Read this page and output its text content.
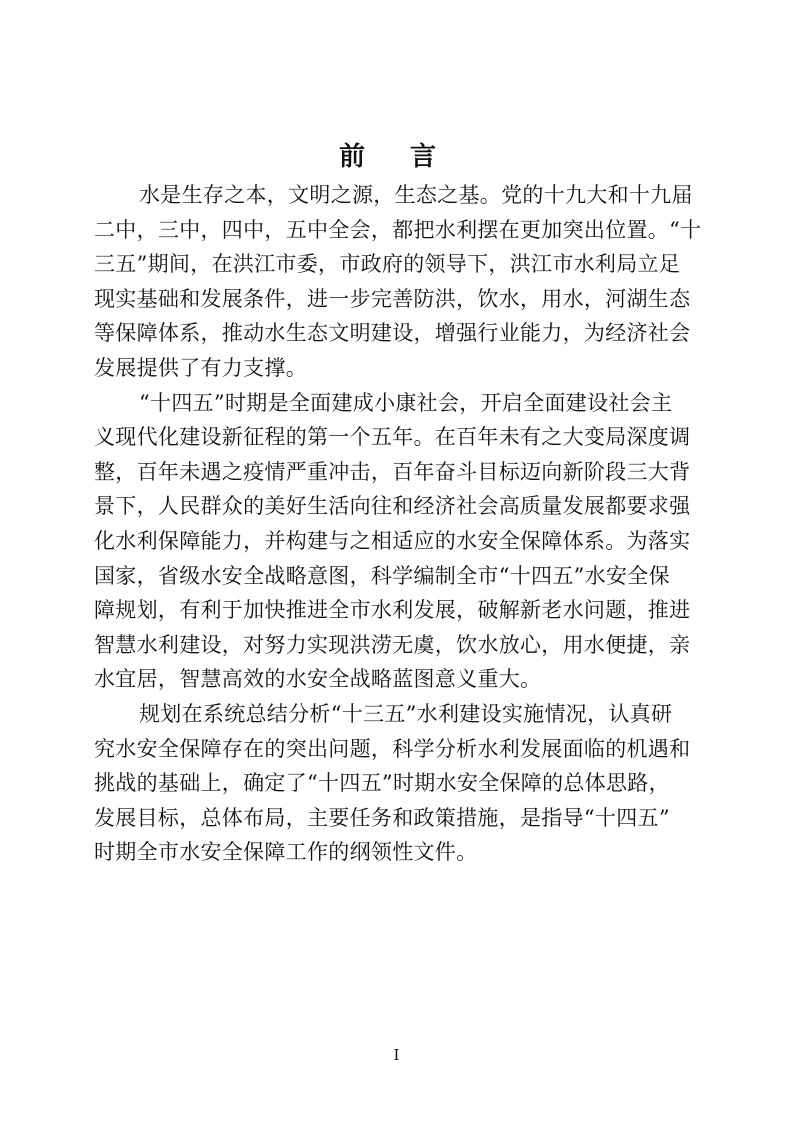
前 言
水是生存之本，文明之源，生态之基。党的十九大和十九届
二中，三中，四中，五中全会，都把水利摆在更加突出位置。“十
三五”期间，在洪江市委，市政府的领导下，洪江市水利局立足
现实基础和发展条件，进一步完善防洪，饮水，用水，河湖生态
等保障体系，推动水生态文明建设，增强行业能力，为经济社会
发展提供了有力支撑。
“十四五”时期是全面建成小康社会，开启全面建设社会主
义现代化建设新征程的第一个五年。在百年未有之大变局深度调
整，百年未遇之疫情严重冲击，百年奋斗目标迈向新阶段三大背
景下，人民群众的美好生活向往和经济社会高质量发展都要求强
化水利保障能力，并构建与之相适应的水安全保障体系。为落实
国家，省级水安全战略意图，科学编制全市“十四五”水安全保
障规划，有利于加快推进全市水利发展，破解新老水问题，推进
智慧水利建设，对努力实现洪涝无虞，饮水放心，用水便捷，亲
水宜居，智慧高效的水安全战略蓝图意义重大。
规划在系统总结分析“十三五”水利建设实施情况，认真研
究水安全保障存在的突出问题，科学分析水利发展面临的机遇和
挑战的基础上，确定了“十四五”时期水安全保障的总体思路，
发展目标，总体布局，主要任务和政策措施，是指导“十四五”
时期全市水安全保障工作的纲领性文件。
I
